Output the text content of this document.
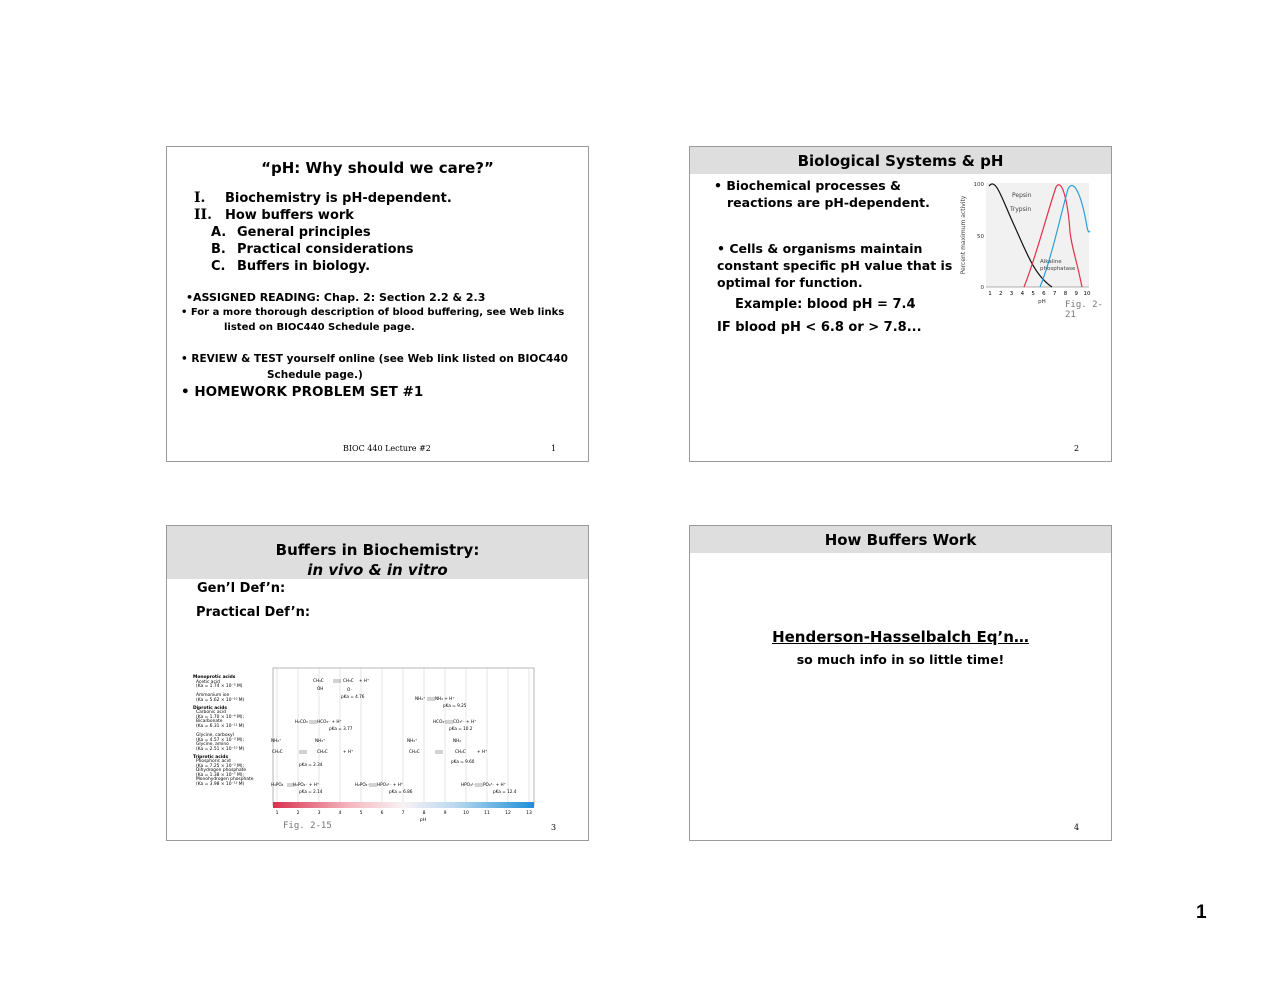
“pH: Why should we care?”
I. Biochemistry is pH-dependent.
II. How buffers work
A. General principles
B. Practical considerations
C. Buffers in biology.
•ASSIGNED READING: Chap. 2: Section 2.2 & 2.3
• For a more thorough description of blood buffering, see Web links
listed on BIOC440 Schedule page.
• REVIEW & TEST yourself online (see Web link listed on BIOC440
Schedule page.)
• HOMEWORK PROBLEM SET #1
BIOC 440 Lecture #2	1
Biological Systems & pH
• Biochemical processes &
reactions are pH-dependent.
• Cells & organisms maintain
constant specific pH value that is
optimal for function.
Example: blood pH = 7.4
IF blood pH < 6.8 or > 7.8...
Percent maximum activity
100
50
0
1 2 3 4 5 6 7 8 9 10
pH
Pepsin
Trypsin
Alkaline
phosphatase
Fig. 2-21
2
Buffers in Biochemistry:
in vivo & in vitro
Gen’l Def’n:
Practical Def’n:
Monoprotic acids
Acetic acid
(Ka = 1.74 × 10⁻⁵ M)
Ammonium ion
(Ka = 5.62 × 10⁻¹⁰ M)
Diprotic acids
Carbonic acid
(Ka = 1.70 × 10⁻⁴ M);
Bicarbonate
(Ka = 6.31 × 10⁻¹¹ M)
Glycine, carboxyl
(Ka = 4.57 × 10⁻³ M);
Glycine, amino
(Ka = 2.51 × 10⁻¹⁰ M)
Triprotic acids
Phosphoric acid
(Ka = 7.25 × 10⁻³ M);
Dihydrogen phosphate
(Ka = 1.38 × 10⁻⁷ M);
Monohydrogen phosphate
(Ka = 3.98 × 10⁻¹³ M)
1	2	3	4	5	6	7	8	9	10	11	12	13
pH
CH₃C
OH
CH₃C
O⁻
+ H⁺
NH₄⁺ NH₃ + H⁺
H₂CO₃ HCO₃⁻ + H⁺	HCO₃⁻ CO₃²⁻ + H⁺
NH₃⁺
CH₂C
NH₃⁺
CH₂C	+ H⁺
NH₃⁺
CH₂C
NH₂
CH₂C	+ H⁺
H₃PO₄ H₂PO₄⁻ + H⁺	H₂PO₄⁻ HPO₄²⁻ + H⁺	HPO₄²⁻ PO₄³⁻ + H⁺
pKa = 4.76
pKa = 9.25
pKa = 3.77	pKa = 10.2
pKa = 2.34
pKa = 9.60
pKa = 2.14	pKa = 6.86	pKa = 12.4
Fig. 2-15	3
How Buffers Work
Henderson-Hasselbalch Eq’n…
so much info in so little time!
4
1
